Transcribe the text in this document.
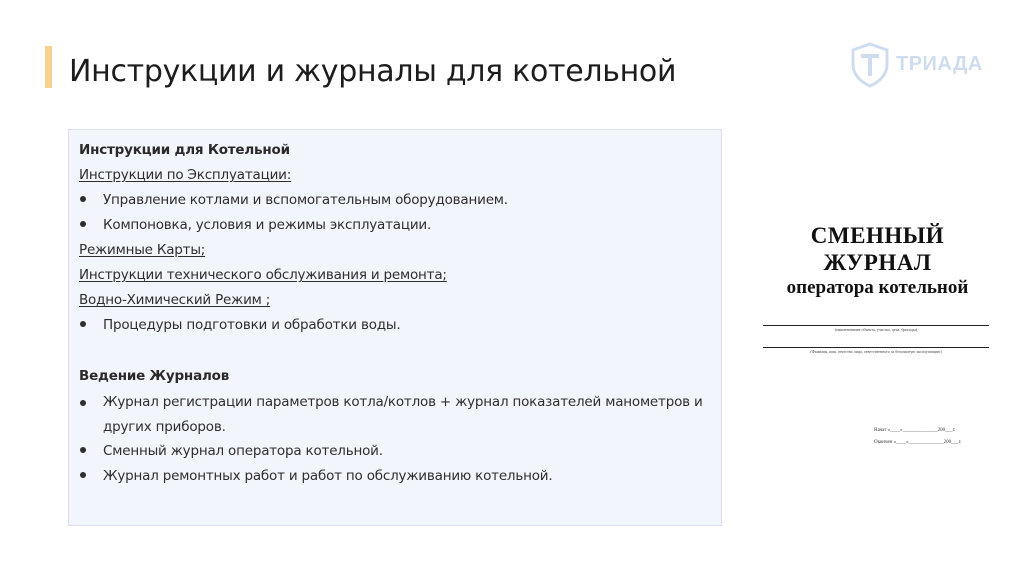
Инструкции и журналы для котельной	ТРИАДА
Инструкции для Котельной
Инструкции по Эксплуатации:
Управление котлами и вспомогательным оборудованием.
Компоновка, условия и режимы эксплуатации.
Режимные Карты;
Инструкции технического обслуживания и ремонта;
Водно-Химический Режим ;
Процедуры подготовки и обработки воды.
Ведение Журналов
Журнал регистрации параметров котла/котлов + журнал показателей манометров и других приборов.
Сменный журнал оператора котельной.
Журнал ремонтных работ и работ по обслуживанию котельной.
СМЕННЫЙ
ЖУРНАЛ
оператора котельной
(наименование объекта, участка, цеха, бригады)
(Фамилия, имя, отчество лица, ответственного за безопасную эксплуатацию)
Начат «____»______________200___г.
Окончен «____»______________200___г.
